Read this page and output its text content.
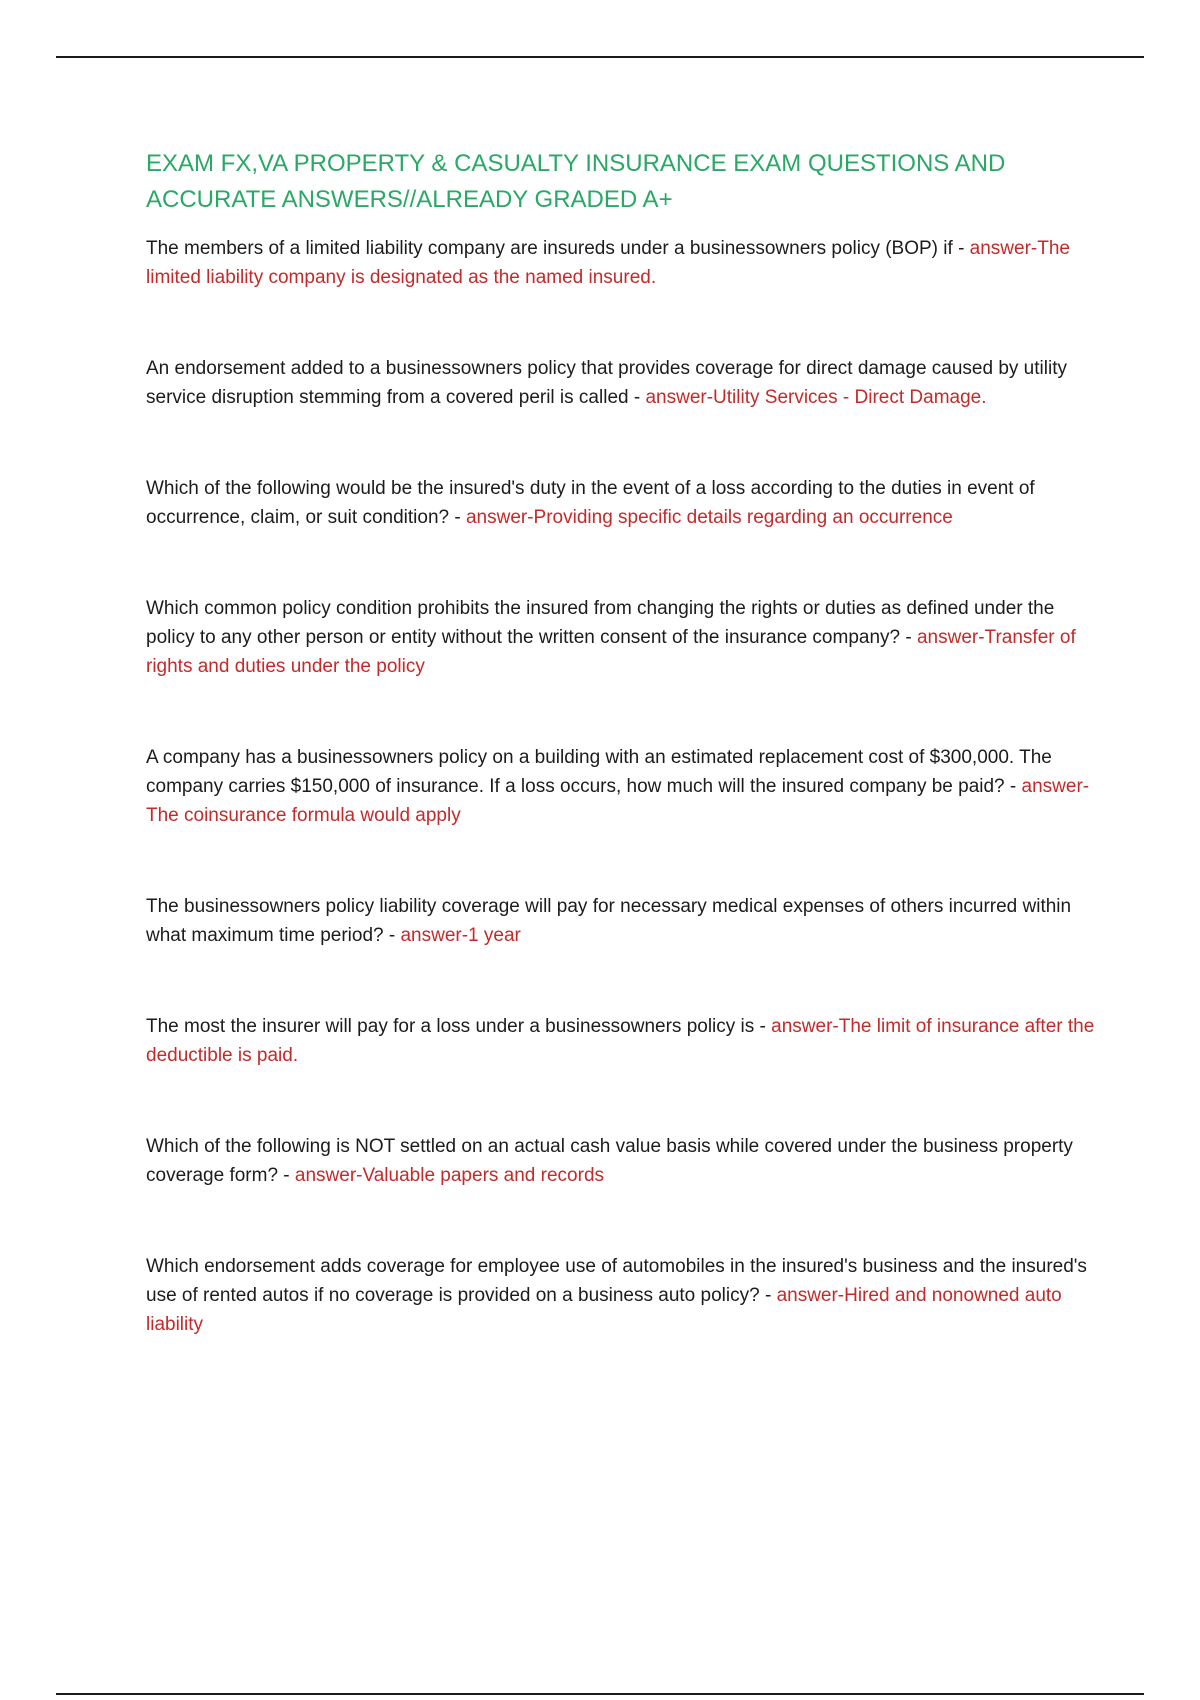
EXAM FX,VA PROPERTY & CASUALTY INSURANCE EXAM QUESTIONS AND ACCURATE ANSWERS//ALREADY GRADED A+

The members of a limited liability company are insureds under a businessowners policy (BOP) if - answer-The limited liability company is designated as the named insured.

An endorsement added to a businessowners policy that provides coverage for direct damage caused by utility service disruption stemming from a covered peril is called - answer-Utility Services - Direct Damage.

Which of the following would be the insured's duty in the event of a loss according to the duties in event of occurrence, claim, or suit condition? - answer-Providing specific details regarding an occurrence

Which common policy condition prohibits the insured from changing the rights or duties as defined under the policy to any other person or entity without the written consent of the insurance company? - answer-Transfer of rights and duties under the policy

A company has a businessowners policy on a building with an estimated replacement cost of $300,000. The company carries $150,000 of insurance. If a loss occurs, how much will the insured company be paid? - answer-The coinsurance formula would apply

The businessowners policy liability coverage will pay for necessary medical expenses of others incurred within what maximum time period? - answer-1 year

The most the insurer will pay for a loss under a businessowners policy is - answer-The limit of insurance after the deductible is paid.

Which of the following is NOT settled on an actual cash value basis while covered under the business property coverage form? - answer-Valuable papers and records

Which endorsement adds coverage for employee use of automobiles in the insured's business and the insured's use of rented autos if no coverage is provided on a business auto policy? - answer-Hired and nonowned auto liability
